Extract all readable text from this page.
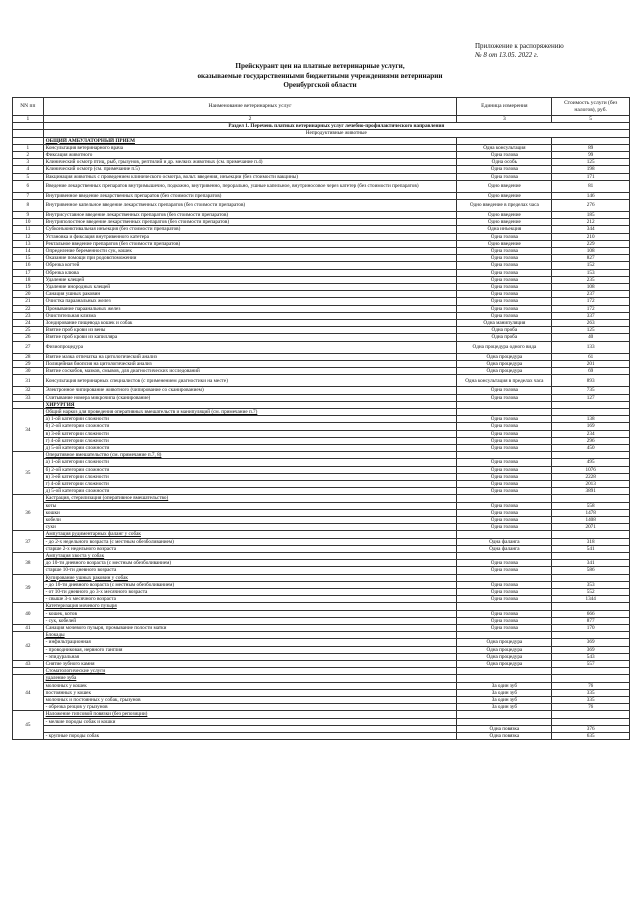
Приложение к распоряжению
№ 8 от 13.05. 2022 г.
Прейскурант цен на платные ветеринарные услуги,
оказываемые государственными бюджетными учреждениями ветеринарии
Оренбургской области
NN пп	Наименование ветеринарных услуг	Единица измерения	Стоимость услуги (без налогов), руб.
1	2	3	5
	Раздел 1. Перечень платных ветеринарных услуг лечебно-профилактического направления		
	Непродуктивные животные		
	ОБЩИЙ АМБУЛАТОРНЫЙ ПРИЕМ		
1	Консультация ветеринарного врача	Одна консультация	89
2	Фиксация животного	Одна голова	99
3	Клинический осмотр птиц, рыб, грызунов, рептилий и др. мелких животных (см. примечание п.4)	Одна особь	125
4	Клинический осмотр (см. примечание п.5)	Одна голова	198
5	Вакцинация животных с проведением клинического осмотра, вольт. введения, инъекции (без стоимости вакцины)	Одна голова	171
6	Введение лекарственных препаратов внутримышечно, подкожно, внутривенно, перорально, ушные капельное, внутриносовое через катетер (без стоимости препаратов)	Одно введение	81
7	Внутривенное введение лекарственных препаратов (без стоимости препаратов)	Одно введение	146
8	Внутривенное капельное введение лекарственных препаратов (без стоимости препаратов)	Одно введение в пределах часа	276
9	Внутрисуставное введение лекарственных препаратов (без стоимости препаратов)	Одно введение	185
10	Внутриполостное введение лекарственных препаратов (без стоимости препаратов)	Одно введение	212
11	Субконъюнктивальная инъекция (без стоимости препаратов)	Одна инъекция	344
12	Установка и фиксация внутривенного катетера	Одна голова	210
13	Ректальное введение препаратов (без стоимости препаратов)	Одно введение	229
14	Определение беременности сук, кошек	Одна голова	108
15	Оказание помощи при родовспоможении	Одна голова	827
16	Обрезка когтей	Одна голова	152
17	Обрезка клюва	Одна голова	153
18	Удаление клещей	Одна голова	235
19	Удаление инородных клещей	Одна голова	108
20	Санация ушных раковин	Одна голова	237
21	Очистка параанальных желез	Одна голова	172
22	Промывание параанальных желез	Одна голова	172
23	Очистительная клизма	Одна голова	337
24	Зондирование пищевода кошек и собак	Одна манипуляция	263
25	Взятие проб крови из вены	Одна проба	125
26	Взятие проб крови из капилляра	Одна проба	40
27	Физиопроцедура	Одна процедура одного вида	133
28	Взятие мазка отпечатка на цитологический анализ	Одна процедура	61
29	Полицейная биопсия на цитологический анализ	Одна процедура	201
30	Взятие соскобов, мазков, смывов, для диагностических исследований	Одна процедура	69
31	Консультация ветеринарных специалистов (с применением диагностики на месте)	Одна консультация в пределах часа	893
32	Электронное чипирование животного (чипирование со сканированием)	Одна голова	735
33	Считывание номера микрочипа (сканирование)	Одна голова	127
	ХИРУРГИЯ		
34	Общий наркоз для проведения оперативных вмешательств и манипуляций (см. примечание п.7)		
	а) 1-ой категории сложности	Одна голова	138
	б) 2-ой категории сложности	Одна голова	169
	в) 3-ей категории сложности	Одна голова	234
	г) 4-ой категории сложности	Одна голова	296
	д) 5-ой категории сложности	Одна голова	450
35	Оперативное вмешательство (см. примечание п.7, 8)		
	а) 1-ой категории сложности	Одна голова	495
	б) 2-ой категории сложности	Одна голова	1076
	в) 3-ей категории сложности	Одна голова	2228
	г) 4-ой категории сложности	Одна голова	2013
	д) 5-ой категории сложности	Одна голова	3891
36	Кастрация, стерилизация (оперативное вмешательство)		
	коты	Одна голова	558
	кошки	Одна голова	1478
	кобели	Одна голова	1408
	суки	Одна голова	2071
37	Ампутация рудиментарных фаланг у собак		
	- до 2-х недельного возраста (с местным обезболиванием)	Одна фаланга	318
	старше 2-х недельного возраста	Одна фаланга	541
38	Ампутация хвоста у собак		
	до 10-ти дневного возраста (с местным обезболиванием)	Одна голова	341
	старше 10-ти дневного возраста	Одна голова	586
39	Купирование ушных раковин у собак		
	- до 10-ти дневного возраста (с местным обезболиванием)	Одна голова	353
	- от 10-ти дневного до 3-х месячного возраста	Одна голова	552
	- свыше 3-х месячного возраста	Одна голова	1344
40	Катетеризация мочевого пузыря		
	- кошек, котов	Одна голова	666
	- сук, кобелей	Одна голова	877
41	Санация мочевого пузыря, промывание полости матки	Одна голова	170
42	Блокады		
	- инфильтрационная	Одна процедура	369
	- проводниковая, нервного ганглия	Одна процедура	369
	- эпидуральная	Одна процедура	543
43	Снятие зубного камня	Одна процедура	557
	Стоматологические услуги		
44	удаление зуба		
	молочных у кошек	За один зуб	76
	постоянных у кошек	За один зуб	335
	молочных и постоянных у собак, грызунов	За один зуб	335
	- обрезка резцов у грызунов	За один зуб	76
45	Наложение гипсовой повязки (без репозиции)		
	- мелкие породы собак и кошки		
		Одна повязка	376
	- крупные породы собак	Одна повязка	635
